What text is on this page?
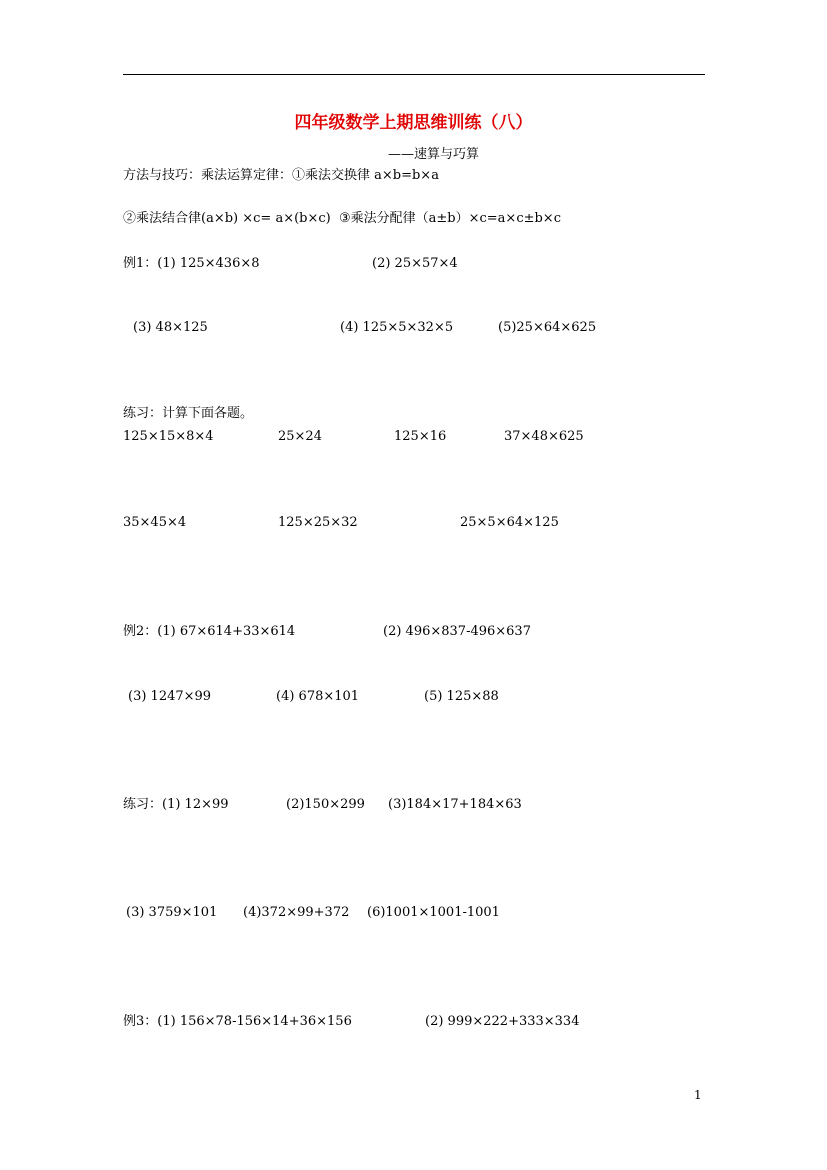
四年级数学上期思维训练（八）
——速算与巧算
方法与技巧：乘法运算定律：①乘法交换律 a×b=b×a
②乘法结合律(a×b) ×c= a×(b×c)  ③乘法分配律（a±b）×c=a×c±b×c
例1：(1) 125×436×8	(2) 25×57×4
(3) 48×125	(4) 125×5×32×5	(5)25×64×625
练习：计算下面各题。
125×15×8×4	25×24	125×16	37×48×625
35×45×4	125×25×32	25×5×64×125
例2：(1) 67×614+33×614	(2) 496×837-496×637
(3) 1247×99	(4) 678×101	(5) 125×88
练习：(1) 12×99	(2)150×299 (3)184×17+184×63
(3) 3759×101 (4)372×99+372 (6)1001×1001-1001
例3：(1) 156×78-156×14+36×156	(2) 999×222+333×334
1
